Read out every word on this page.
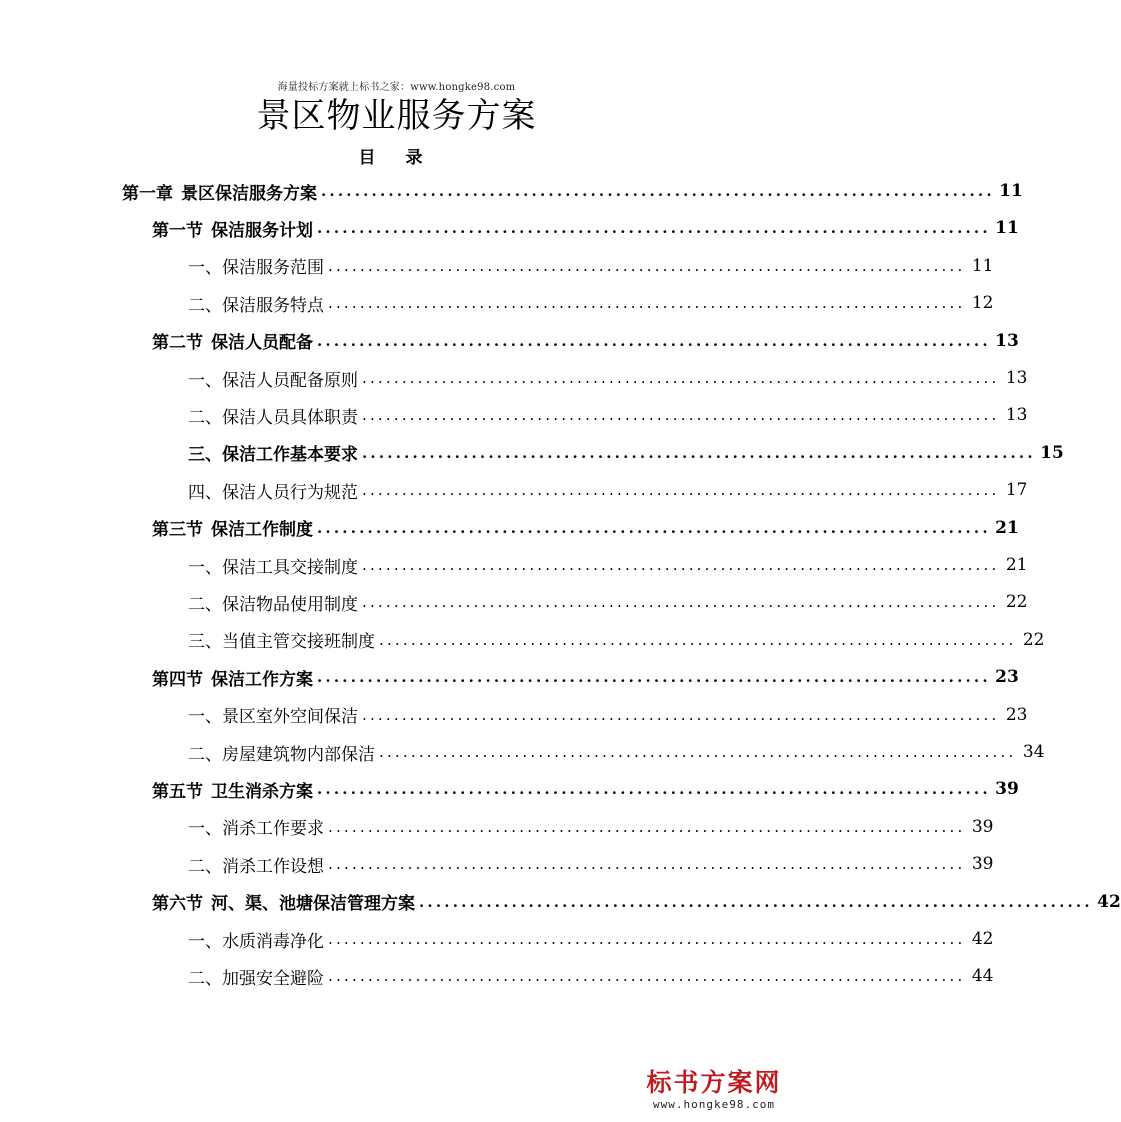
海量投标方案就上标书之家：www.hongke98.com
景区物业服务方案
目 录
第一章 景区保洁服务方案 ................................................................................ 11
第一节 保洁服务计划 ................................................................................ 11
一、保洁服务范围 ................................................................................ 11
二、保洁服务特点 ................................................................................ 12
第二节 保洁人员配备 ................................................................................ 13
一、保洁人员配备原则 ................................................................................ 13
二、保洁人员具体职责 ................................................................................ 13
三、保洁工作基本要求 ................................................................................ 15
四、保洁人员行为规范 ................................................................................ 17
第三节 保洁工作制度 ................................................................................ 21
一、保洁工具交接制度 ................................................................................ 21
二、保洁物品使用制度 ................................................................................ 22
三、当值主管交接班制度 ................................................................................ 22
第四节 保洁工作方案 ................................................................................ 23
一、景区室外空间保洁 ................................................................................ 23
二、房屋建筑物内部保洁 ................................................................................ 34
第五节 卫生消杀方案 ................................................................................ 39
一、消杀工作要求 ................................................................................ 39
二、消杀工作设想 ................................................................................ 39
第六节 河、渠、池塘保洁管理方案 ................................................................................ 42
一、水质消毒净化 ................................................................................ 42
二、加强安全避险 ................................................................................ 44
标书方案网
www.hongke98.com
